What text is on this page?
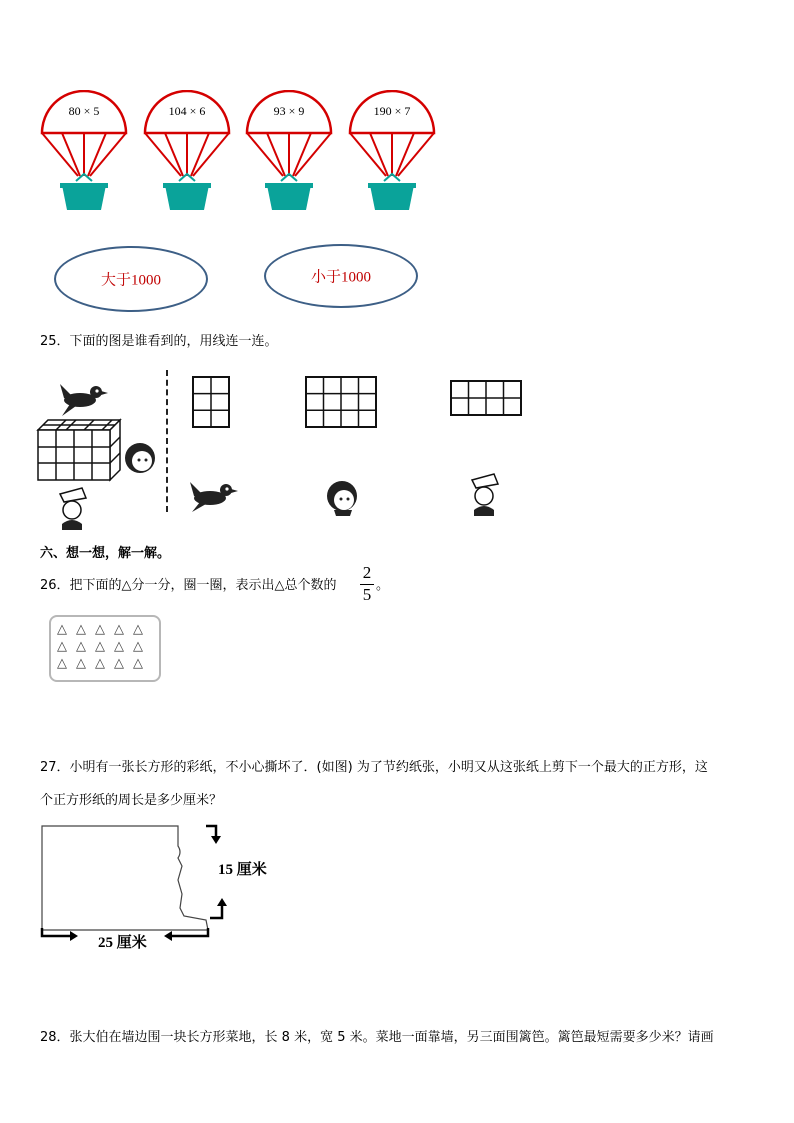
80 × 5	104 × 6	93 × 9	190 × 7
大于1000	小于1000
25．下面的图是谁看到的，用线连一连。
六、想一想，解一解。
26．把下面的△分一分，圈一圈，表示出△总个数的
2
5 。
△ △ △ △ △
△ △ △ △ △
△ △ △ △ △
27．小明有一张长方形的彩纸，不小心撕坏了．(如图) 为了节约纸张，小明又从这张纸上剪下一个最大的正方形，这
个正方形纸的周长是多少厘米？
15 厘米
25 厘米
28．张大伯在墙边围一块长方形菜地，长 8 米，宽 5 米。菜地一面靠墙，另三面围篱笆。篱笆最短需要多少米？请画
